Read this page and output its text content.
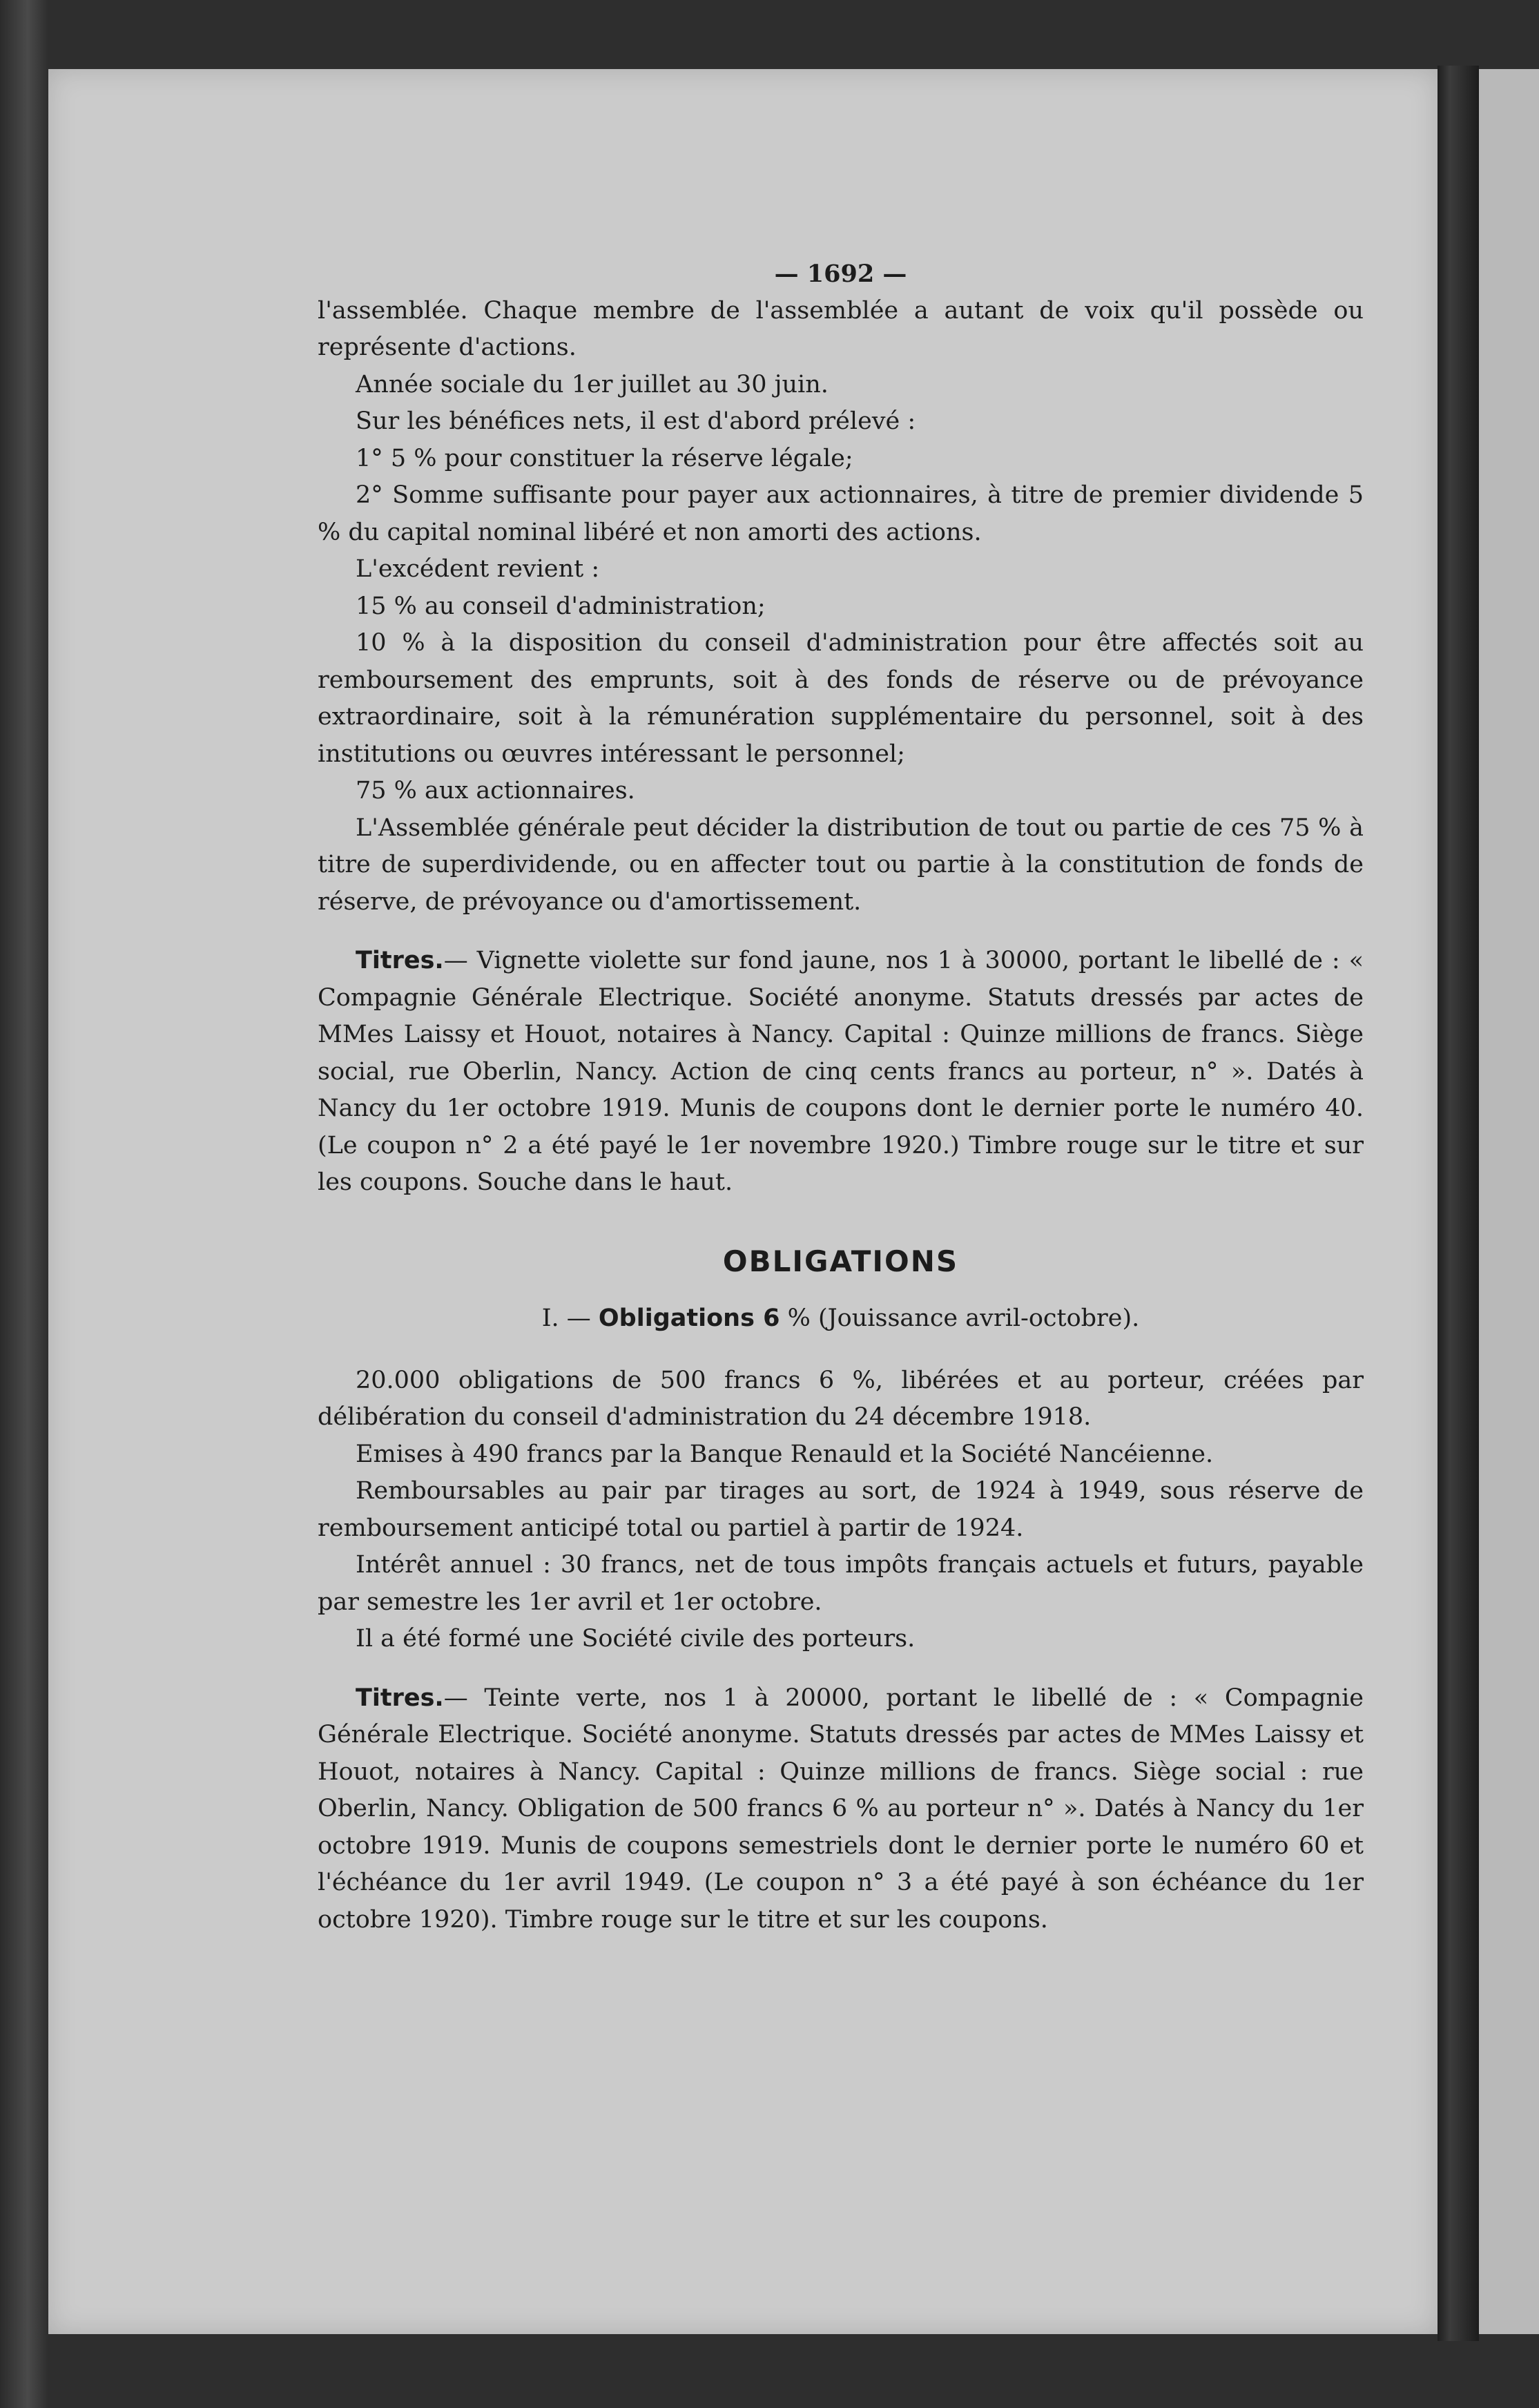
— 1692 —

l'assemblée. Chaque membre de l'assemblée a autant de voix qu'il possède ou représente d'actions.

Année sociale du 1er juillet au 30 juin.

Sur les bénéfices nets, il est d'abord prélevé :

1° 5 % pour constituer la réserve légale;

2° Somme suffisante pour payer aux actionnaires, à titre de premier dividende 5 % du capital nominal libéré et non amorti des actions.

L'excédent revient :

15 % au conseil d'administration;

10 % à la disposition du conseil d'administration pour être affectés soit au remboursement des emprunts, soit à des fonds de réserve ou de prévoyance extraordinaire, soit à la rémunération supplémentaire du personnel, soit à des institutions ou œuvres intéressant le personnel;

75 % aux actionnaires.

L'Assemblée générale peut décider la distribution de tout ou partie de ces 75 % à titre de superdividende, ou en affecter tout ou partie à la constitution de fonds de réserve, de prévoyance ou d'amortissement.

Titres.— Vignette violette sur fond jaune, nos 1 à 30000, portant le libellé de : « Compagnie Générale Electrique. Société anonyme. Statuts dressés par actes de MMes Laissy et Houot, notaires à Nancy. Capital : Quinze millions de francs. Siège social, rue Oberlin, Nancy. Action de cinq cents francs au porteur, n° ». Datés à Nancy du 1er octobre 1919. Munis de coupons dont le dernier porte le numéro 40. (Le coupon n° 2 a été payé le 1er novembre 1920.) Timbre rouge sur le titre et sur les coupons. Souche dans le haut.

OBLIGATIONS
I. — Obligations 6 % (Jouissance avril-octobre).

20.000 obligations de 500 francs 6 %, libérées et au porteur, créées par délibération du conseil d'administration du 24 décembre 1918.

Emises à 490 francs par la Banque Renauld et la Société Nancéienne.

Remboursables au pair par tirages au sort, de 1924 à 1949, sous réserve de remboursement anticipé total ou partiel à partir de 1924.

Intérêt annuel : 30 francs, net de tous impôts français actuels et futurs, payable par semestre les 1er avril et 1er octobre.

Il a été formé une Société civile des porteurs.

Titres.— Teinte verte, nos 1 à 20000, portant le libellé de : « Compagnie Générale Electrique. Société anonyme. Statuts dressés par actes de MMes Laissy et Houot, notaires à Nancy. Capital : Quinze millions de francs. Siège social : rue Oberlin, Nancy. Obligation de 500 francs 6 % au porteur n° ». Datés à Nancy du 1er octobre 1919. Munis de coupons semestriels dont le dernier porte le numéro 60 et l'échéance du 1er avril 1949. (Le coupon n° 3 a été payé à son échéance du 1er octobre 1920). Timbre rouge sur le titre et sur les coupons.
